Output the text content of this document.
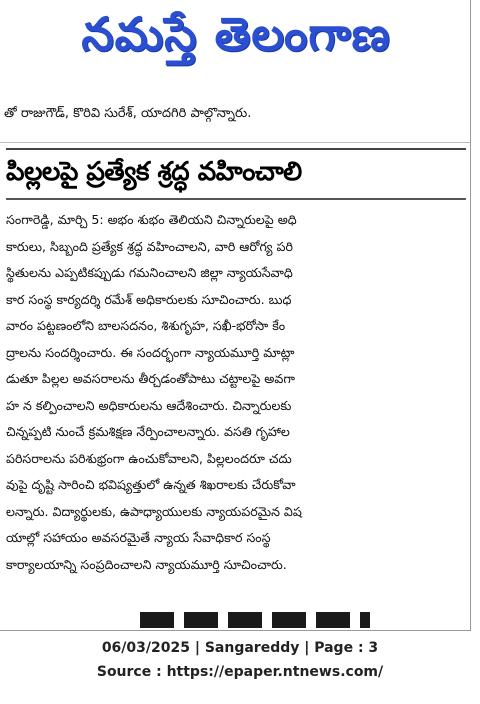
నమస్తే తెలంగాణ
తో రాజుగౌడ్, కొరివి సురేశ్, యాదగిరి పాల్గొన్నారు.
పిల్లలపై ప్రత్యేక శ్రద్ధ వహించాలి
సంగారెడ్డి, మార్చి 5: అభం శుభం తెలియని చిన్నారులపై అధి
కారులు, సిబ్బంది ప్రత్యేక శ్రద్ధ వహించాలని, వారి ఆరోగ్య పరి
స్థితులను ఎప్పటికప్పుడు గమనించాలని జిల్లా న్యాయసేవాధి
కార సంస్థ కార్యదర్శి రమేశ్ అధికారులకు సూచించారు. బుధ
వారం పట్టణంలోని బాలసదనం, శిశుగృహ, సఖీ-భరోసా కేం
ద్రాలను సందర్శించారు. ఈ సందర్భంగా న్యాయమూర్తి మాట్లా
డుతూ పిల్లల అవసరాలను తీర్చడంతోపాటు చట్టాలపై అవగా
హ న కల్పించాలని అధికారులను ఆదేశించారు. చిన్నారులకు
చిన్నప్పటి నుంచే క్రమశిక్షణ నేర్పించాలన్నారు. వసతి గృహాల
పరిసరాలను పరిశుభ్రంగా ఉంచుకోవాలని, పిల్లలందరూ చదు
వుపై దృష్టి సారించి భవిష్యత్తులో ఉన్నత శిఖరాలకు చేరుకోవా
లన్నారు. విద్యార్థులకు, ఉపాధ్యాయులకు న్యాయపరమైన విష
యాల్లో సహాయం అవసరమైతే న్యాయ సేవాధికార సంస్థ
కార్యాలయాన్ని సంప్రదించాలని న్యాయమూర్తి సూచించారు.
06/03/2025 | Sangareddy | Page : 3
Source : https://epaper.ntnews.com/
